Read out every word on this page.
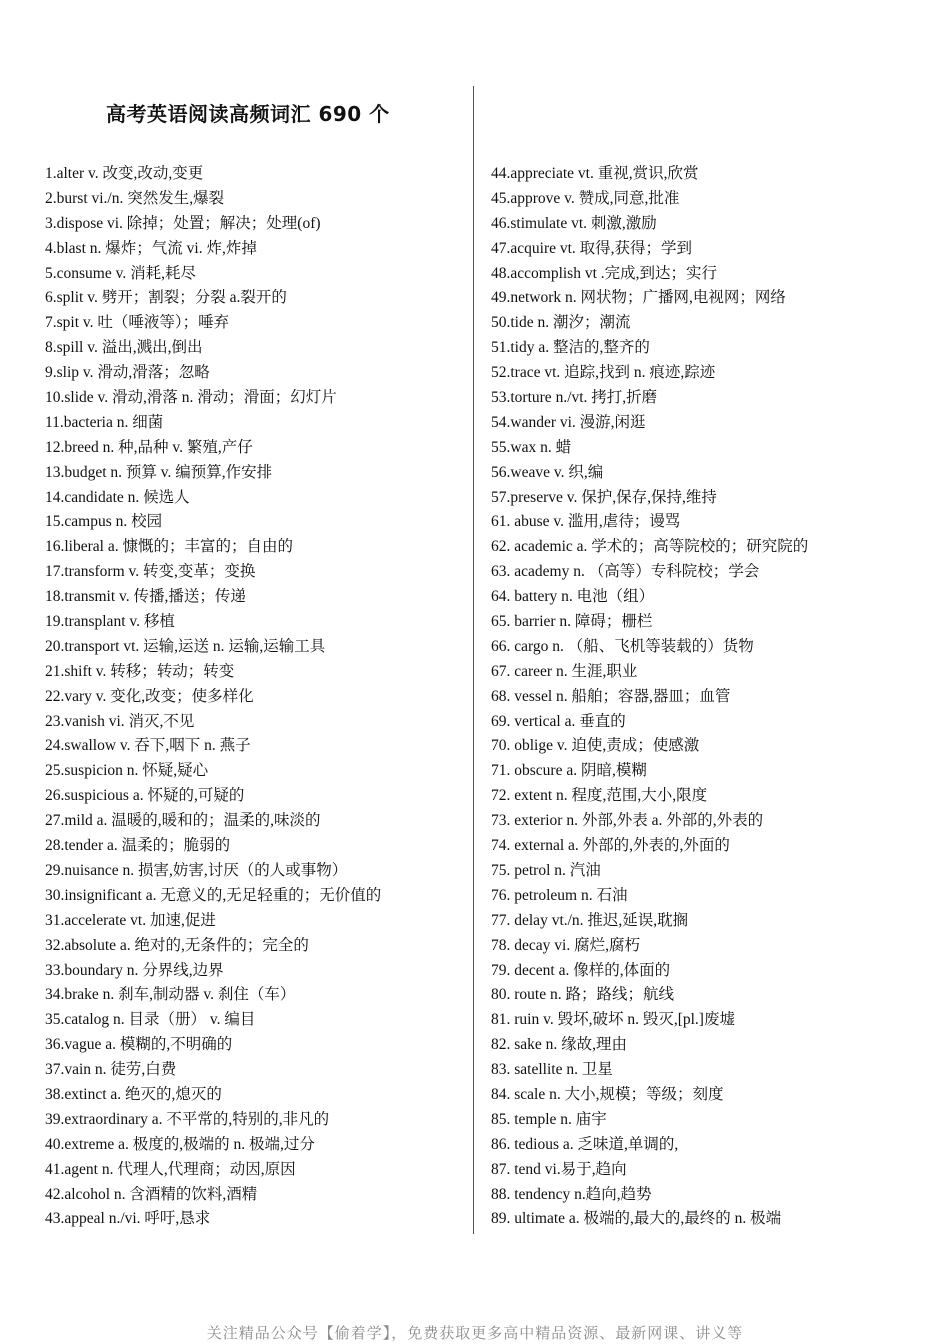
高考英语阅读高频词汇 690 个
1.alter v. 改变,改动,变更
2.burst vi./n. 突然发生,爆裂
3.dispose vi. 除掉；处置；解决；处理(of)
4.blast n. 爆炸；气流 vi. 炸,炸掉
5.consume v. 消耗,耗尽
6.split v. 劈开；割裂；分裂 a.裂开的
7.spit v. 吐（唾液等）；唾弃
8.spill v. 溢出,溅出,倒出
9.slip v. 滑动,滑落；忽略
10.slide v. 滑动,滑落 n. 滑动；滑面；幻灯片
11.bacteria n. 细菌
12.breed n. 种,品种 v. 繁殖,产仔
13.budget n. 预算 v. 编预算,作安排
14.candidate n. 候选人
15.campus n. 校园
16.liberal a. 慷慨的；丰富的；自由的
17.transform v. 转变,变革；变换
18.transmit v. 传播,播送；传递
19.transplant v. 移植
20.transport vt. 运输,运送 n. 运输,运输工具
21.shift v. 转移；转动；转变
22.vary v. 变化,改变；使多样化
23.vanish vi. 消灭,不见
24.swallow v. 吞下,咽下 n. 燕子
25.suspicion n. 怀疑,疑心
26.suspicious a. 怀疑的,可疑的
27.mild a. 温暖的,暖和的；温柔的,味淡的
28.tender a. 温柔的；脆弱的
29.nuisance n. 损害,妨害,讨厌（的人或事物）
30.insignificant a. 无意义的,无足轻重的；无价值的
31.accelerate vt. 加速,促进
32.absolute a. 绝对的,无条件的；完全的
33.boundary n. 分界线,边界
34.brake n. 刹车,制动器 v. 刹住（车）
35.catalog n. 目录（册） v. 编目
36.vague a. 模糊的,不明确的
37.vain n. 徒劳,白费
38.extinct a. 绝灭的,熄灭的
39.extraordinary a. 不平常的,特别的,非凡的
40.extreme a. 极度的,极端的 n. 极端,过分
41.agent n. 代理人,代理商；动因,原因
42.alcohol n. 含酒精的饮料,酒精
43.appeal n./vi. 呼吁,恳求
44.appreciate vt. 重视,赏识,欣赏
45.approve v. 赞成,同意,批准
46.stimulate vt. 刺激,激励
47.acquire vt. 取得,获得；学到
48.accomplish vt .完成,到达；实行
49.network n. 网状物；广播网,电视网；网络
50.tide n. 潮汐；潮流
51.tidy a. 整洁的,整齐的
52.trace vt. 追踪,找到 n. 痕迹,踪迹
53.torture n./vt. 拷打,折磨
54.wander vi. 漫游,闲逛
55.wax n. 蜡
56.weave v. 织,编
57.preserve v. 保护,保存,保持,维持
61. abuse v. 滥用,虐待；谩骂
62. academic a. 学术的；高等院校的；研究院的
63. academy n. （高等）专科院校；学会
64. battery n. 电池（组）
65. barrier n. 障碍；栅栏
66. cargo n. （船、飞机等装载的）货物
67. career n. 生涯,职业
68. vessel n. 船舶；容器,器皿；血管
69. vertical a. 垂直的
70. oblige v. 迫使,责成；使感激
71. obscure a. 阴暗,模糊
72. extent n. 程度,范围,大小,限度
73. exterior n. 外部,外表 a. 外部的,外表的
74. external a. 外部的,外表的,外面的
75. petrol n. 汽油
76. petroleum n. 石油
77. delay vt./n. 推迟,延误,耽搁
78. decay vi. 腐烂,腐朽
79. decent a. 像样的,体面的
80. route n. 路；路线；航线
81. ruin v. 毁坏,破坏 n. 毁灭,[pl.]废墟
82. sake n. 缘故,理由
83. satellite n. 卫星
84. scale n. 大小,规模；等级；刻度
85. temple n. 庙宇
86. tedious a. 乏味道,单调的,
87. tend vi.易于,趋向
88. tendency n.趋向,趋势
89. ultimate a. 极端的,最大的,最终的 n. 极端
关注精品公众号【偷着学】，免费获取更多高中精品资源、最新网课、讲义等
